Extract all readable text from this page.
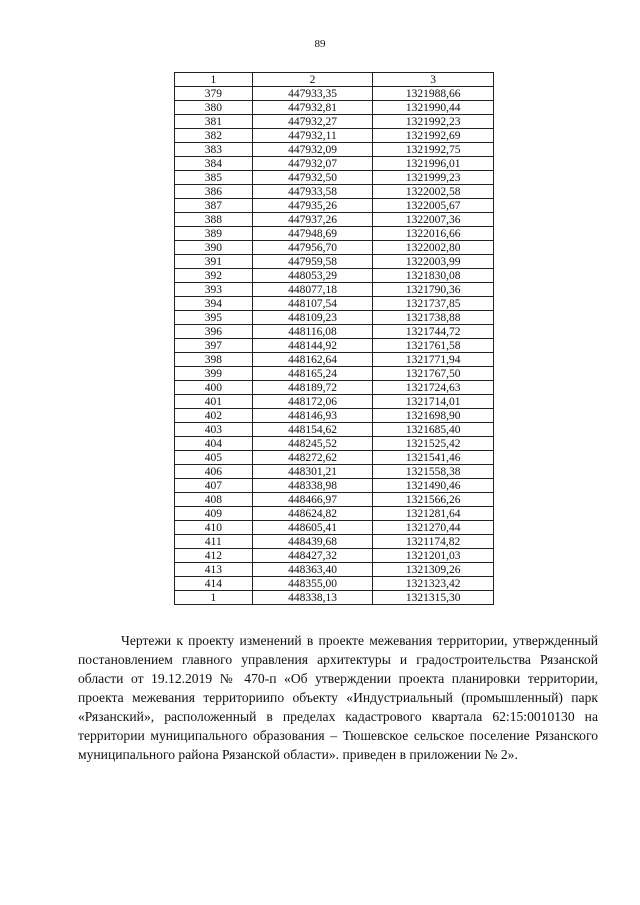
89
1	2	3
379	447933,35	1321988,66
380	447932,81	1321990,44
381	447932,27	1321992,23
382	447932,11	1321992,69
383	447932,09	1321992,75
384	447932,07	1321996,01
385	447932,50	1321999,23
386	447933,58	1322002,58
387	447935,26	1322005,67
388	447937,26	1322007,36
389	447948,69	1322016,66
390	447956,70	1322002,80
391	447959,58	1322003,99
392	448053,29	1321830,08
393	448077,18	1321790,36
394	448107,54	1321737,85
395	448109,23	1321738,88
396	448116,08	1321744,72
397	448144,92	1321761,58
398	448162,64	1321771,94
399	448165,24	1321767,50
400	448189,72	1321724,63
401	448172,06	1321714,01
402	448146,93	1321698,90
403	448154,62	1321685,40
404	448245,52	1321525,42
405	448272,62	1321541,46
406	448301,21	1321558,38
407	448338,98	1321490,46
408	448466,97	1321566,26
409	448624,82	1321281,64
410	448605,41	1321270,44
411	448439,68	1321174,82
412	448427,32	1321201,03
413	448363,40	1321309,26
414	448355,00	1321323,42
1	448338,13	1321315,30
Чертежи к проекту изменений в проекте межевания территории, утвержденный постановлением главного управления архитектуры и градостроительства Рязанской области от 19.12.2019 № 470-п «Об утверждении проекта планировки территории, проекта межевания территориипо объекту «Индустриальный (промышленный) парк «Рязанский», расположенный в пределах кадастрового квартала 62:15:0010130 на территории муниципального образования – Тюшевское сельское поселение Рязанского муниципального района Рязанской области». приведен в приложении № 2».
